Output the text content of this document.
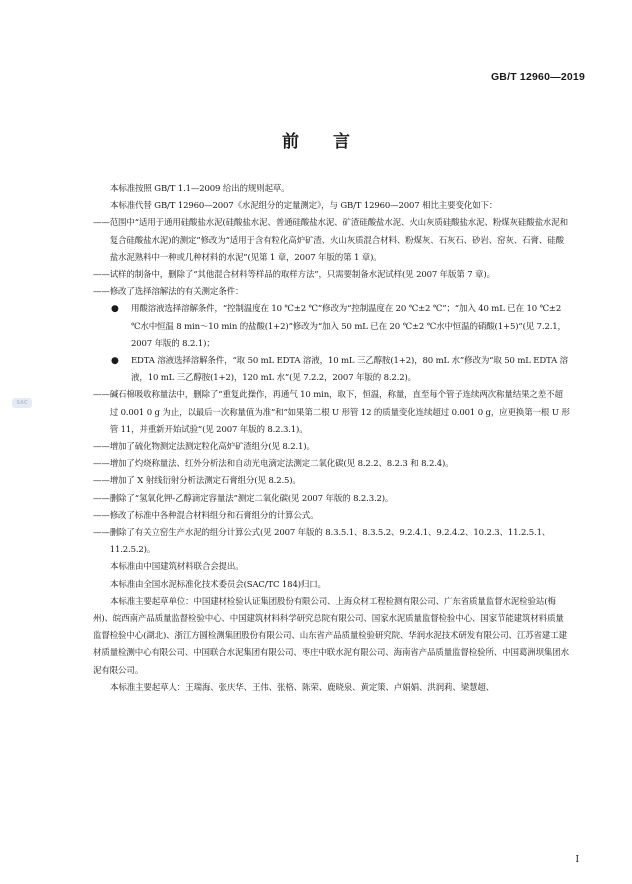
GB/T 12960—2019
前 言
SAC

本标准按照 GB/T 1.1—2009 给出的规则起草。

本标准代替 GB/T 12960—2007《水泥组分的定量测定》，与 GB/T 12960—2007 相比主要变化如下：

—— 范围中“适用于通用硅酸盐水泥(硅酸盐水泥、普通硅酸盐水泥、矿渣硅酸盐水泥、火山灰质硅酸盐水泥、粉煤灰硅酸盐水泥和复合硅酸盐水泥)的测定”修改为“适用于含有粒化高炉矿渣、火山灰质混合材料、粉煤灰、石灰石、砂岩、窑灰、石膏、硅酸盐水泥熟料中一种或几种材料的水泥”(见第 1 章，2007 年版的第 1 章)。
—— 试样的制备中，删除了“其他混合材料等样品的取样方法”，只需要制备水泥试样(见 2007 年版第 7 章)。
—— 修改了选择溶解法的有关测定条件：
●	用酸溶液选择溶解条件，“控制温度在 10 ℃±2 ℃”修改为“控制温度在 20 ℃±2 ℃”；“加入 40 mL 已在 10 ℃±2 ℃水中恒温 8 min～10 min 的盐酸(1+2)”修改为“加入 50 mL 已在 20 ℃±2 ℃水中恒温的硝酸(1+5)”(见 7.2.1，2007 年版的 8.2.1)；
●	EDTA 溶液选择溶解条件，“取 50 mL EDTA 溶液，10 mL 三乙醇胺(1+2)，80 mL 水”修改为“取 50 mL EDTA 溶液，10 mL 三乙醇胺(1+2)，120 mL 水”(见 7.2.2，2007 年版的 8.2.2)。
—— 碱石棉吸收称量法中，删除了“重复此操作，再通气 10 min，取下，恒温，称量，直至每个管子连续两次称量结果之差不超过 0.001 0 g 为止，以最后一次称量值为准”和“如果第二根 U 形管 12 的质量变化连续超过 0.001 0 g，应更换第一根 U 形管 11，并重新开始试验”(见 2007 年版的 8.2.3.1)。
—— 增加了硫化物测定法测定粒化高炉矿渣组分(见 8.2.1)。
—— 增加了灼烧称量法、红外分析法和自动光电滴定法测定二氧化碳(见 8.2.2、8.2.3 和 8.2.4)。
—— 增加了 X 射线衍射分析法测定石膏组分(见 8.2.5)。
—— 删除了“氢氧化钾-乙醇滴定容量法”测定二氧化碳(见 2007 年版的 8.2.3.2)。
—— 修改了标准中各种混合材料组分和石膏组分的计算公式。
—— 删除了有关立窑生产水泥的组分计算公式(见 2007 年版的 8.3.5.1、8.3.5.2、9.2.4.1、9.2.4.2、10.2.3、11.2.5.1、11.2.5.2)。

本标准由中国建筑材料联合会提出。

本标准由全国水泥标准化技术委员会(SAC/TC 184)归口。

本标准主要起草单位：中国建材检验认证集团股份有限公司、上海众材工程检测有限公司、广东省质量监督水泥检验站(梅州)、皖西南产品质量监督检验中心、中国建筑材料科学研究总院有限公司、国家水泥质量监督检验中心、国家节能建筑材料质量监督检验中心(湖北)、浙江方圆检测集团股份有限公司、山东省产品质量检验研究院、华润水泥技术研发有限公司、江苏省建工建材质量检测中心有限公司、中国联合水泥集团有限公司、枣庄中联水泥有限公司、海南省产品质量监督检验所、中国葛洲坝集团水泥有限公司。

本标准主要起草人：王瑞海、张庆华、王伟、张格、陈荣、鹿晓泉、黄定策、卢娟娟、洪润莉、梁慧超、

I
